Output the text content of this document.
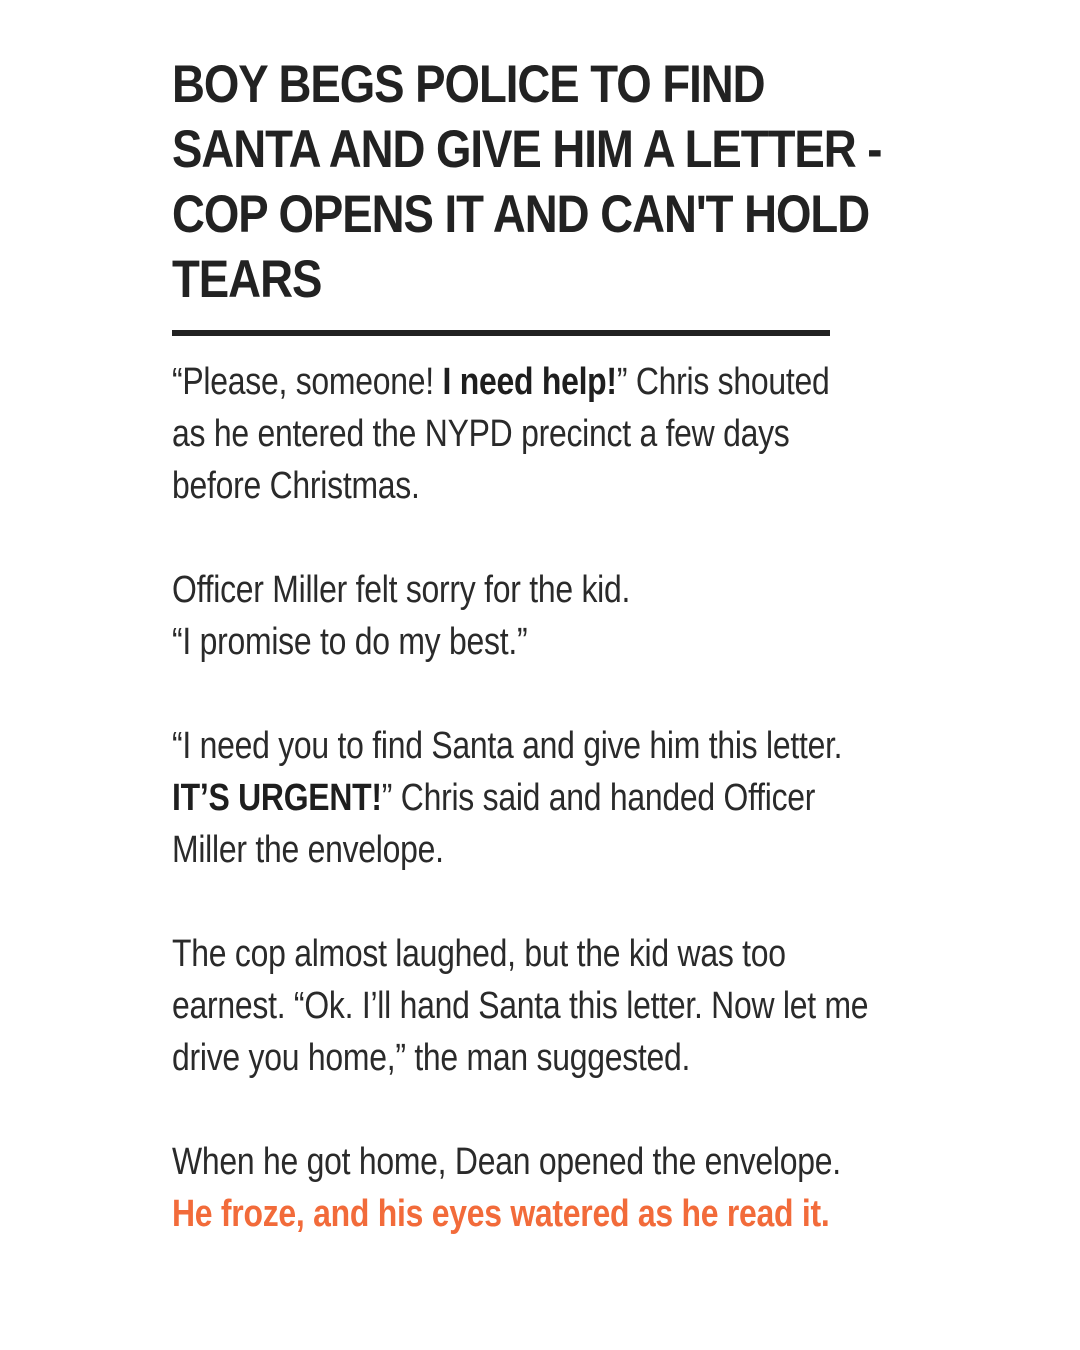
BOY BEGS POLICE TO FIND SANTA AND GIVE HIM A LETTER - COP OPENS IT AND CAN'T HOLD TEARS

“Please, someone! I need help!” Chris shouted as he entered the NYPD precinct a few days before Christmas.

Officer Miller felt sorry for the kid.
“I promise to do my best.”

“I need you to find Santa and give him this letter. IT’S URGENT!” Chris said and handed Officer Miller the envelope.

The cop almost laughed, but the kid was too earnest. “Ok. I’ll hand Santa this letter. Now let me drive you home,” the man suggested.

When he got home, Dean opened the envelope. He froze, and his eyes watered as he read it.
